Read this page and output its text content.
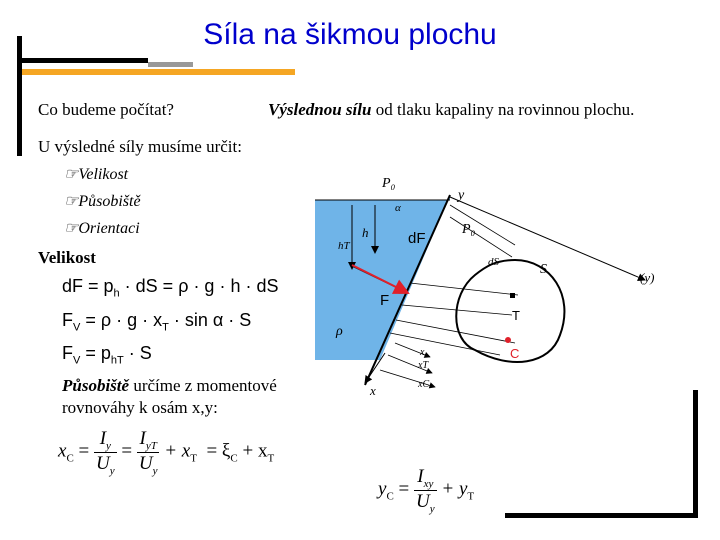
Síla na šikmou plochu
Co budeme počítat?	Výslednou sílu od tlaku kapaliny na rovinnou plochu.
U výsledné síly musíme určit:
☞Velikost
☞Působiště
☞Orientaci
Velikost
dF = $p_h$ · dS = ρ · g · h · dS
$F_V = \rho \cdot g \cdot x_T \cdot \sin \alpha \cdot S$
$F_V = p_{hT} \cdot S$
Působiště určíme z momentové
rovnováhy k osám x,y:
$x_C = \frac{I_y}{U_y} = \frac{I_{yT}}{U_y} + x_T = \xi_C + x_T$
$y_C = \frac{I_{xy}}{U_y} + y_T$
P₀
y
P₀
(y)
h
hT	dF
F
ρ
dS	S
T
C
x
x
xT
xC
α
